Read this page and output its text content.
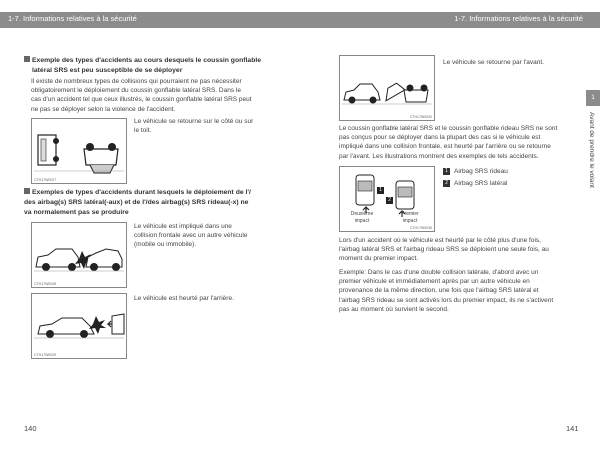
1-7. Informations relatives à la sécurité	1-7. Informations relatives à la sécurité
1
Avant de prendre le volant
Exemple des types d'accidents au cours desquels le coussin gonflable
latéral SRS est peu susceptible de se déployer
Il existe de nombreux types de collisions qui pourraient ne pas nécessiter
obligatoirement le déploiement du coussin gonflable latéral SRS. Dans le
cas d'un accident tel que ceux illustrés, le coussin gonflable latéral SRS peut
ne pas se déployer selon la violence de l'accident.
CTH17W0027
Le véhicule se retourne sur le côté ou sur
le toit.
Exemples de types d'accidents durant lesquels le déploiement de l'/
des airbag(s) SRS latéral(-aux) et de l'/des airbag(s) SRS rideau(-x) ne
va normalement pas se produire
CTH17W0028
Le véhicule est impliqué dans une
collision frontale avec un autre véhicule
(mobile ou immobile).
CTH17W0029
Le véhicule est heurté par l'arrière.
140
CTH17W0032
Le véhicule se retourne par l'avant.
Le coussin gonflable latéral SRS et le coussin gonflable rideau SRS ne sont
pas conçus pour se déployer dans la plupart des cas si le véhicule est
impliqué dans une collision frontale, est heurté par l'arrière ou se retourne
par l'avant. Les illustrations montrent des exemples de tels accidents.
1
2
Deuxième
impact
Premier
impact
CTH17W0035
1 Airbag SRS rideau
2 Airbag SRS latéral
Lors d'un accident où le véhicule est heurté par le côté plus d'une fois,
l'airbag latéral SRS et l'airbag rideau SRS se déploient une seule fois, au
moment du premier impact.
Exemple: Dans le cas d'une double collision latérale, d'abord avec un
premier véhicule et immédiatement après par un autre véhicule en
provenance de la même direction, une fois que l'airbag SRS latéral et
l'airbag SRS rideau se sont activés lors du premier impact, ils ne s'activent
pas au moment où survient le second.
141
